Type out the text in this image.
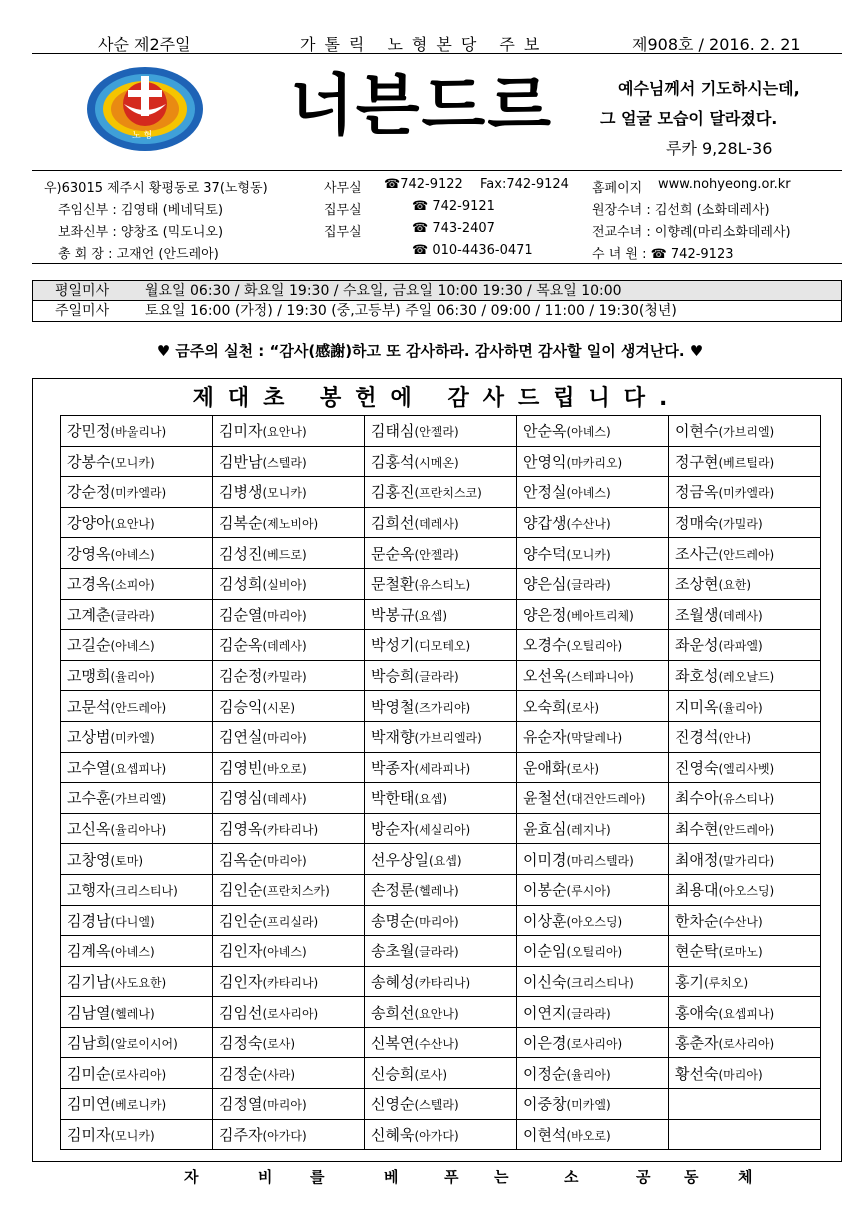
사순 제2주일	가톨릭 노형본당 주보	제908호 / 2016. 2. 21
노 형 너븐드르	예수님께서 기도하시는데,
그 얼굴 모습이 달라졌다.
루카 9,28L-36
우)63015 제주시 황평동로 37(노형동)	사무실 ☎742-9122 Fax:742-9124 홈페이지 www.nohyeong.or.kr
주임신부 : 김영태 (베네딕토)	집무실	☎ 742-9121	원장수녀 : 김선희 (소화데레사)
보좌신부 : 양창조 (믹도니오)	집무실	☎ 743-2407	전교수녀 : 이향례(마리소화데레사)
총 회 장 : 고재언 (안드레아)	☎ 010-4436-0471	수 녀 원 : ☎ 742-9123
평일미사	월요일 06:30 / 화요일 19:30 / 수요일, 금요일 10:00 19:30 / 목요일 10:00
주일미사	토요일 16:00 (가정) / 19:30 (중,고등부) 주일 06:30 / 09:00 / 11:00 / 19:30(청년)
♥ 금주의 실천 : “감사(感謝)하고 또 감사하라. 감사하면 감사할 일이 생겨난다. ♥
제대초 봉헌에 감사드립니다.
강민정(바울리나)	김미자(요안나)	김태심(안젤라)	안순옥(아녜스)	이현수(가브리엘)
강봉수(모니카)	김반남(스텔라)	김홍석(시메온)	안영익(마카리오)	정구현(베르틸라)
강순정(미카엘라)	김병생(모니카)	김홍진(프란치스코)	안정실(아녜스)	정금옥(미카엘라)
강양아(요안나)	김복순(제노비아)	김희선(데레사)	양갑생(수산나)	정매숙(가밀라)
강영옥(아녜스)	김성진(베드로)	문순옥(안젤라)	양수덕(모니카)	조사근(안드레아)
고경옥(소피아)	김성희(실비아)	문철환(유스티노)	양은심(글라라)	조상현(요한)
고계춘(글라라)	김순열(마리아)	박봉규(요셉)	양은정(베아트리체)	조월생(데레사)
고길순(아녜스)	김순옥(데레사)	박성기(디모테오)	오경수(오틸리아)	좌운성(라파엘)
고맹희(율리아)	김순정(카밀라)	박승희(글라라)	오선옥(스테파니아)	좌호성(레오날드)
고문석(안드레아)	김승익(시몬)	박영철(즈가리야)	오숙희(로사)	지미옥(율리아)
고상범(미카엘)	김연실(마리아)	박재향(가브리엘라)	유순자(막달레나)	진경석(안나)
고수열(요셉피나)	김영빈(바오로)	박종자(세라피나)	운애화(로사)	진영숙(엘리사벳)
고수훈(가브리엘)	김영심(데레사)	박한태(요셉)	윤철선(대건안드레아)	최수아(유스티나)
고신옥(율리아나)	김영옥(카타리나)	방순자(세실리아)	윤효심(레지나)	최수현(안드레아)
고창영(토마)	김옥순(마리아)	선우상일(요셉)	이미경(마리스텔라)	최애정(말가리다)
고행자(크리스티나)	김인순(프란치스카)	손정룬(헬레나)	이봉순(루시아)	최용대(아오스딩)
김경남(다니엘)	김인순(프리실라)	송명순(마리아)	이상훈(아오스딩)	한차순(수산나)
김계옥(아녜스)	김인자(아녜스)	송초월(글라라)	이순임(오틸리아)	현순탁(로마노)
김기남(사도요한)	김인자(카타리나)	송혜성(카타리나)	이신숙(크리스티나)	홍기(루치오)
김남열(헬레나)	김임선(로사리아)	송희선(요안나)	이연지(글라라)	홍애숙(요셉피나)
김남희(알로이시어)	김정숙(로사)	신복연(수산나)	이은경(로사리아)	홍춘자(로사리아)
김미순(로사리아)	김정순(사라)	신승희(로사)	이정순(율리아)	황선숙(마리아)
김미연(베로니카)	김정열(마리아)	신영순(스텔라)	이중창(미카엘)	
김미자(모니카)	김주자(아가다)	신혜욱(아가다)	이현석(바오로)	
자	비	를	베	푸 는	소	공 동	체
